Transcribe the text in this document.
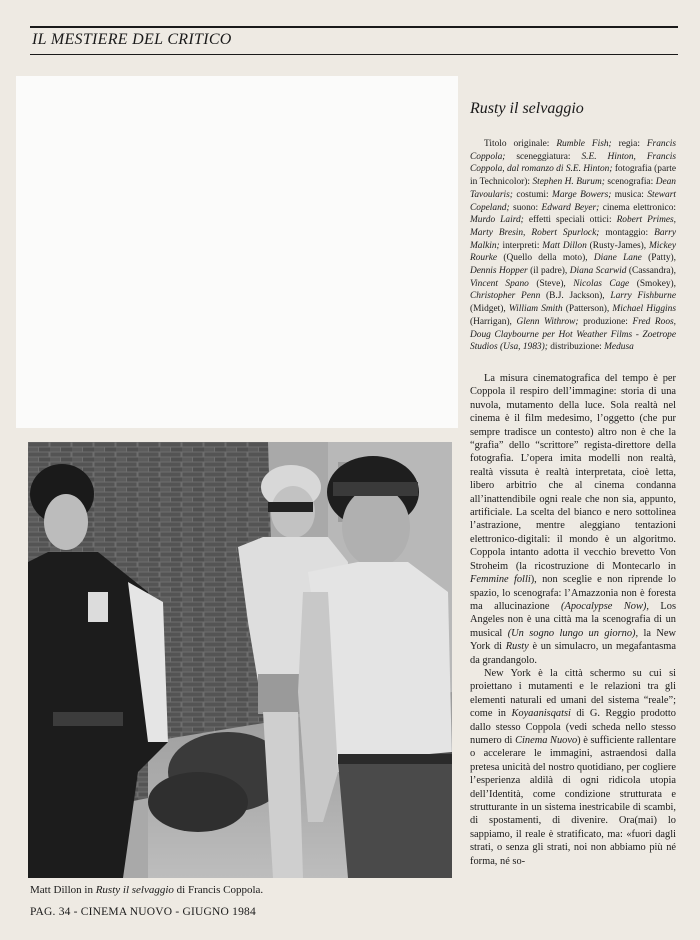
IL MESTIERE DEL CRITICO
Matt Dillon in Rusty il selvaggio di Francis Coppola.
Rusty il selvaggio
Titolo originale: Rumble Fish; regia: Francis Coppola; sceneggiatura: S.E. Hinton, Francis Coppola, dal romanzo di S.E. Hinton; fotografia (parte in Technicolor): Stephen H. Burum; scenografia: Dean Tavoularis; costumi: Marge Bowers; musica: Stewart Copeland; suono: Edward Beyer; cinema elettronico: Murdo Laird; effetti speciali ottici: Robert Primes, Marty Bresin, Robert Spurlock; montaggio: Barry Malkin; interpreti: Matt Dillon (Rusty-James), Mickey Rourke (Quello della moto), Diane Lane (Patty), Dennis Hopper (il padre), Diana Scarwid (Cassandra), Vincent Spano (Steve), Nicolas Cage (Smokey), Christopher Penn (B.J. Jackson), Larry Fishburne (Midget), William Smith (Patterson), Michael Higgins (Harrigan), Glenn Withrow; produzione: Fred Roos, Doug Claybourne per Hot Weather Films - Zoetrope Studios (Usa, 1983); distribuzione: Medusa

La misura cinematografica del tempo è per Coppola il respiro dell’immagine: storia di una nuvola, mutamento della luce. Sola realtà nel cinema è il film medesimo, l’oggetto (che pur sempre tradisce un contesto) altro non è che la “grafia” dello “scrittore” regista-direttore della fotografia. L’opera imita modelli non realtà, realtà vissuta è realtà interpretata, cioè letta, libero arbitrio che al cinema condanna all’inattendibile ogni reale che non sia, appunto, artificiale. La scelta del bianco e nero sottolinea l’astrazione, mentre aleggiano tentazioni elettronico-digitali: il mondo è un algoritmo. Coppola intanto adotta il vecchio brevetto Von Stroheim (la ricostruzione di Montecarlo in Femmine folli), non sceglie e non riprende lo spazio, lo scenografa: l’Amazzonia non è foresta ma allucinazione (Apocalypse Now), Los Angeles non è una città ma la scenografia di un musical (Un sogno lungo un giorno), la New York di Rusty è un simulacro, un megafantasma da grandangolo.

New York è la città schermo su cui si proiettano i mutamenti e le relazioni tra gli elementi naturali ed umani del sistema “reale”; come in Koyaanisqatsi di G. Reggio prodotto dallo stesso Coppola (vedi scheda nello stesso numero di Cinema Nuovo) è sufficiente rallentare o accelerare le immagini, astraendosi dalla pretesa unicità del nostro quotidiano, per cogliere l’esperienza aldilà di ogni ridicola utopia dell’Identità, come condizione strutturata e strutturante in un sistema inestricabile di scambi, di spostamenti, di divenire. Ora(mai) lo sappiamo, il reale è stratificato, ma: «fuori dagli strati, o senza gli strati, noi non abbiamo più né forma, né so-

PAG. 34 - CINEMA NUOVO - GIUGNO 1984
